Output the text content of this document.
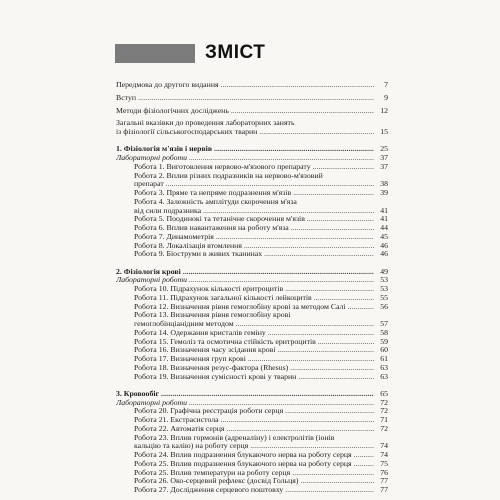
ЗМІСТ
Передмова до другого видання .....	7
Вступ .....	9
Методи фізіологічних досліджень .....	12
Загальні вказівки до проведення лабораторних занять
із фізіології сільськогосподарських тварин .....	15
1. Фізіологія м'язів і нервів .....	25
Лабораторні роботи .....	37
Робота 1. Виготовлення нервово-м'язового препарату .....	37
Робота 2. Вплив різних подразників на нервово-м'язовий
препарат .....	38
Робота 3. Пряме та непряме подразнення м'язів .....	39
Робота 4. Залежність амплітуди скорочення м'яза
від сили подразника .....	41
Робота 5. Поодинокі та тетанічне скорочення м'язів .....	41
Робота 6. Вплив навантаження на роботу м'яза .....	44
Робота 7. Динамометрія .....	45
Робота 8. Локалізація втомлення .....	46
Робота 9. Біоструми в живих тканинах .....	46
2. Фізіологія крові .....	49
Лабораторні роботи .....	53
Робота 10. Підрахунок кількості еритроцитів .....	53
Робота 11. Підрахунок загальної кількості лейкоцитів .....	55
Робота 12. Визначення рівня гемоглобіну крові за методом Салі .....	56
Робота 13. Визначення рівня гемоглобіну крові
гемоглобінціанідним методом .....	57
Робота 14. Одержання кристалів геміну .....	58
Робота 15. Гемоліз та осмотична стійкість еритроцитів .....	59
Робота 16. Визначення часу зсідання крові .....	60
Робота 17. Визначення груп крові .....	61
Робота 18. Визначення резус-фактора (Rhesus) .....	63
Робота 19. Визначення сумісності крові у тварин .....	63
3. Кровообіг .....	65
Лабораторні роботи .....	72
Робота 20. Графічна реєстрація роботи серця .....	72
Робота 21. Екстрасистола .....	71
Робота 22. Автоматія серця .....	72
Робота 23. Вплив гормонів (адреналіну) і електролітів (іонів
кальцію та калію) на роботу серця .....	74
Робота 24. Вплив подразнення блукаючого нерва на роботу серця .....	74
Робота 25. Вплив подразнення блукаючого нерва на роботу серця .....	75
Робота 25. Вплив температури на роботу серця .....	76
Робота 26. Око-серцевий рефлекс (досвід Гольця) .....	77
Робота 27. Дослідження серцевого поштовху .....	77
